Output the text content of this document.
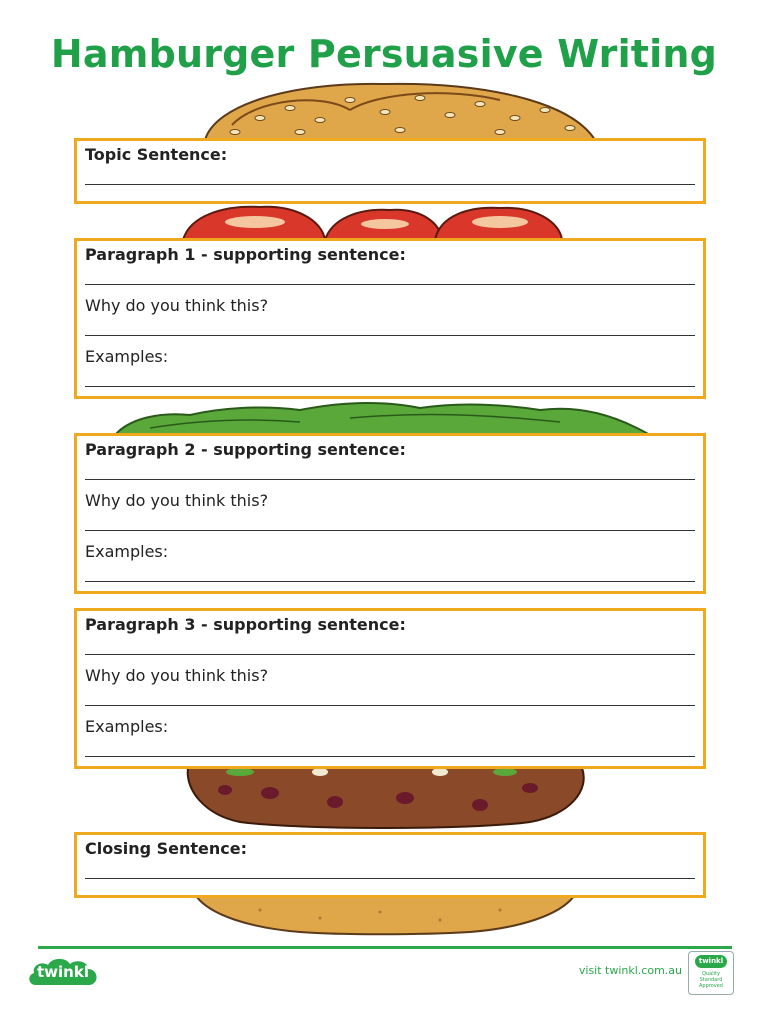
Hamburger Persuasive Writing
Topic Sentence:
Paragraph 1 - supporting sentence:
Why do you think this?
Examples:
Paragraph 2 - supporting sentence:
Why do you think this?
Examples:
Paragraph 3 - supporting sentence:
Why do you think this?
Examples:
Closing Sentence:
twinkl	visit twinkl.com.au
twinkl
Quality Standard Approved
